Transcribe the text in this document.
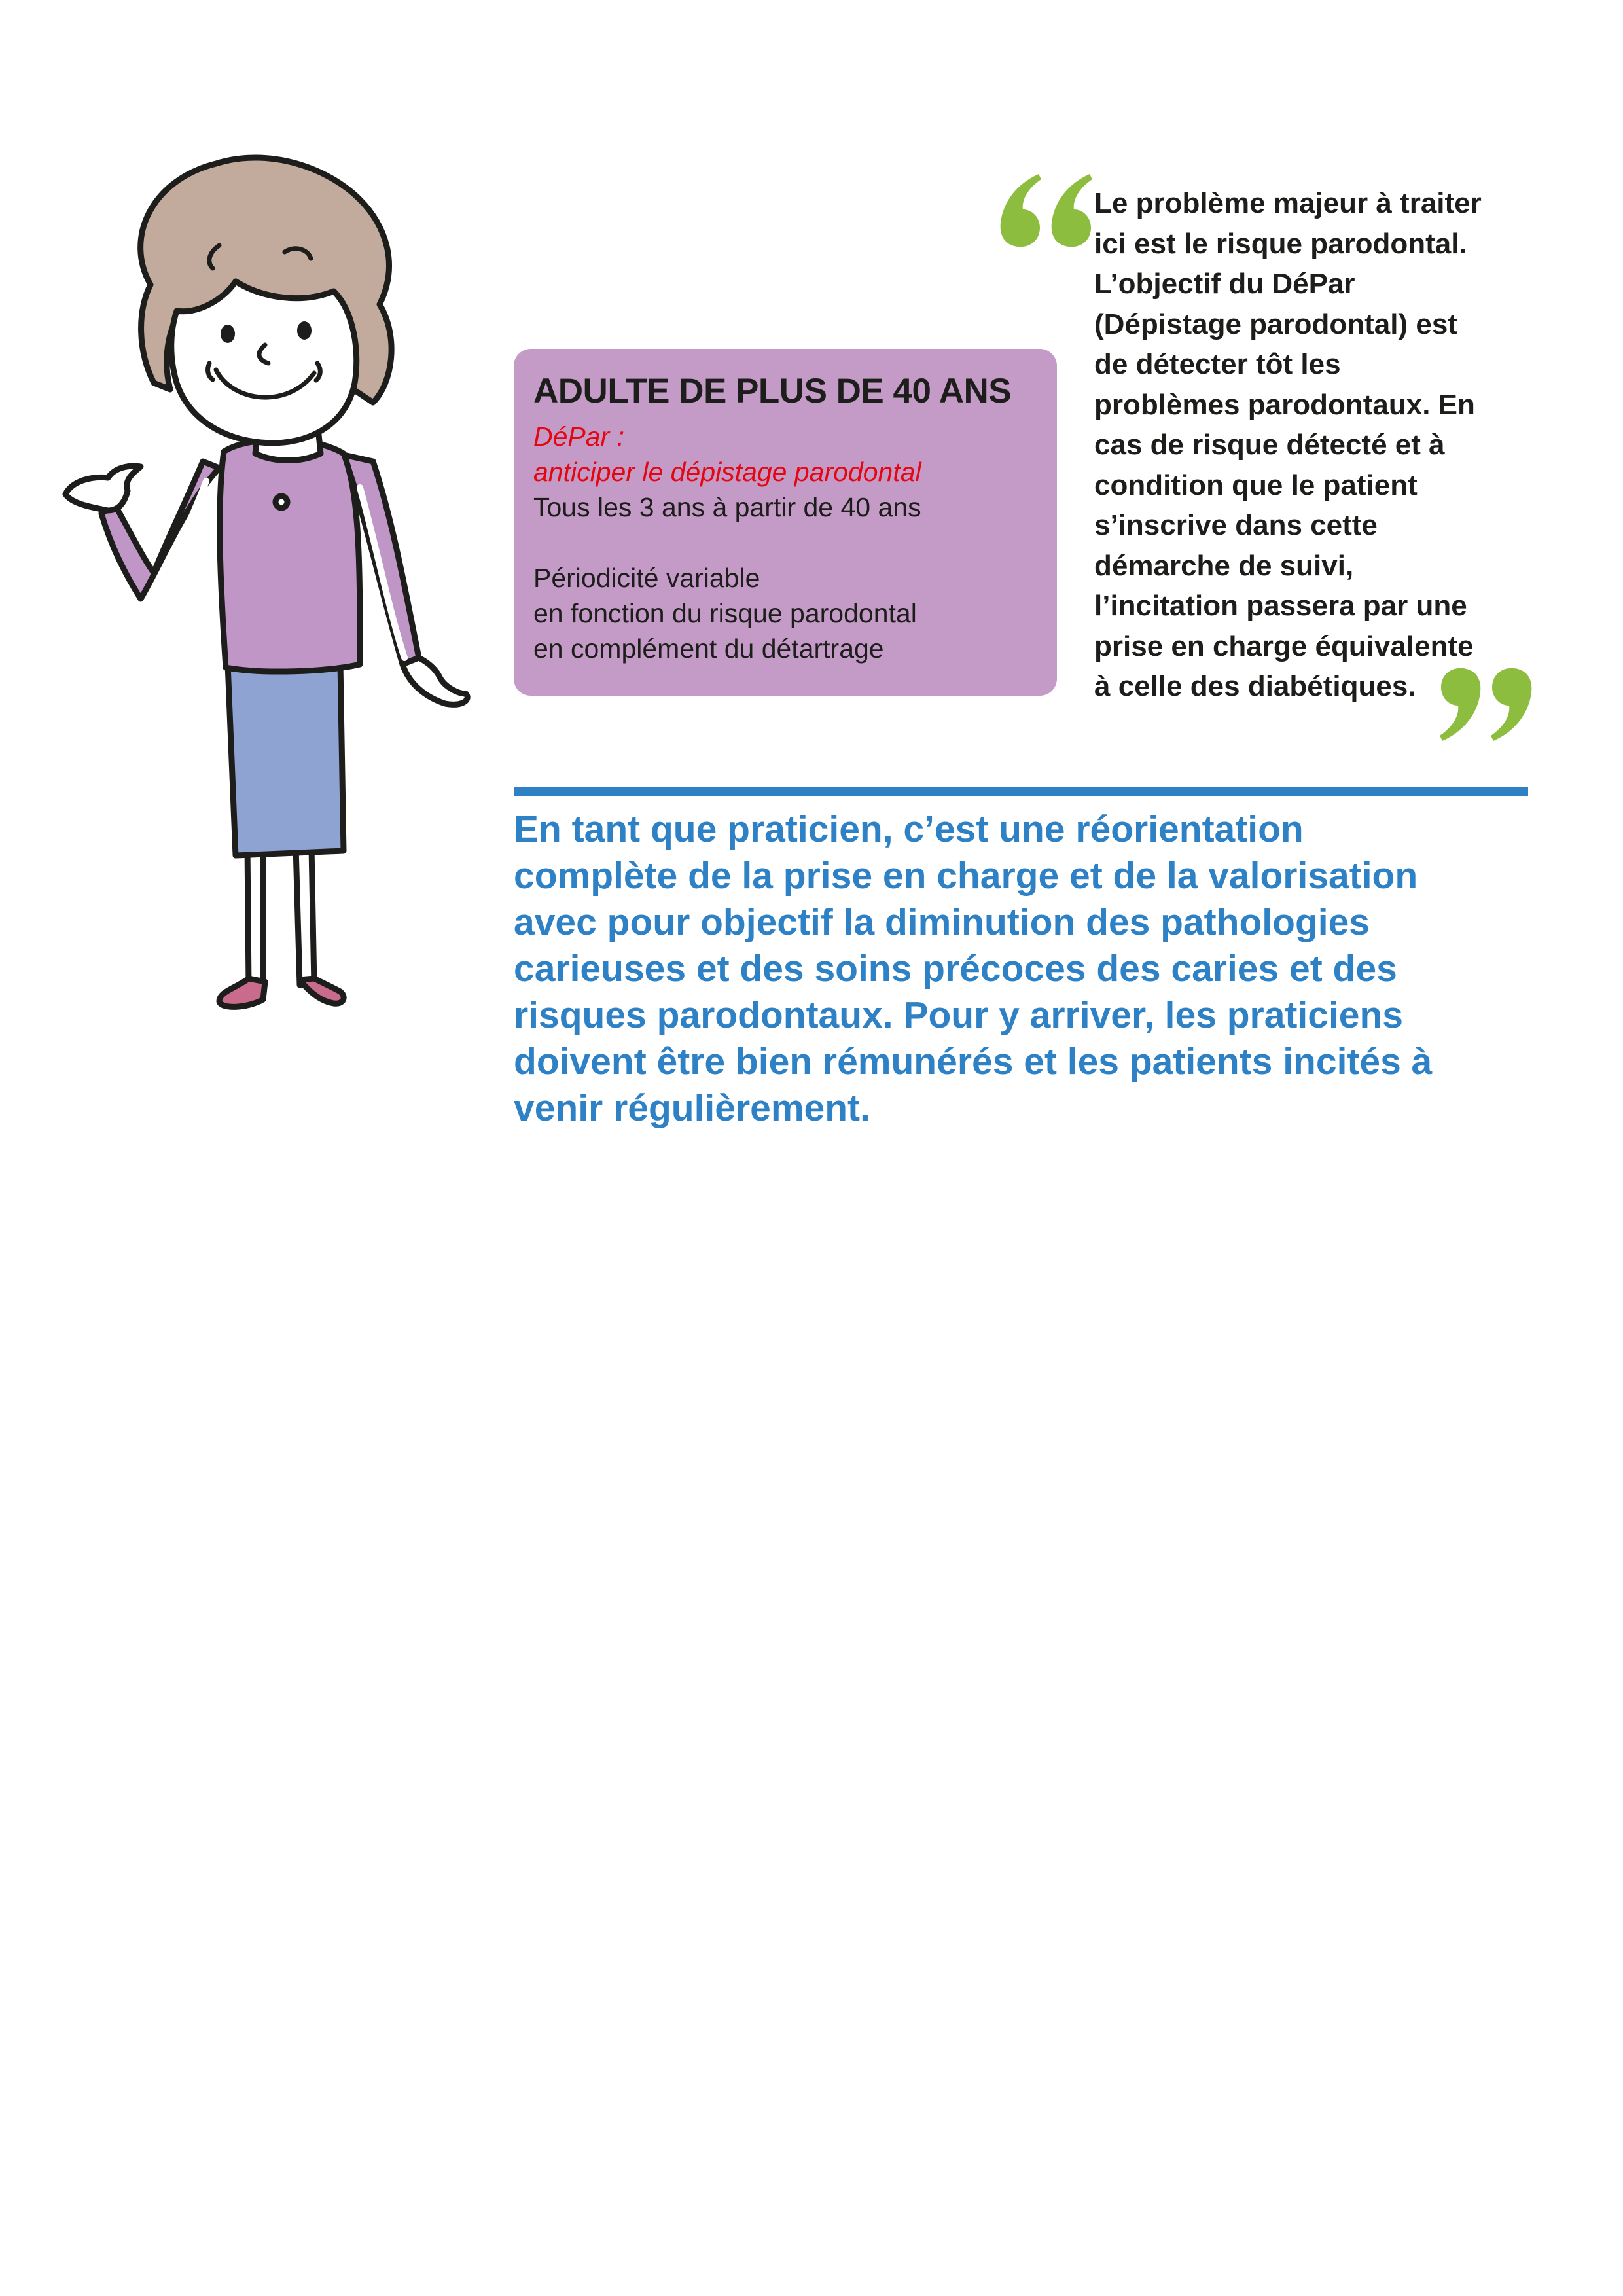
ADULTE DE PLUS DE 40 ANS
DéPar :
anticiper le dépistage parodontal
Tous les 3 ans à partir de 40 ans
Périodicité variable
en fonction du risque parodontal
en complément du détartrage
Le problème majeur à traiter
ici est le risque parodontal.
L’objectif du DéPar
(Dépistage parodontal) est
de détecter tôt les
problèmes parodontaux. En
cas de risque détecté et à
condition que le patient
s’inscrive dans cette
démarche de suivi,
l’incitation passera par une
prise en charge équivalente
à celle des diabétiques.
En tant que praticien, c’est une réorientation
complète de la prise en charge et de la valorisation
avec pour objectif la diminution des pathologies
carieuses et des soins précoces des caries et des
risques parodontaux. Pour y arriver, les praticiens
doivent être bien rémunérés et les patients incités à
venir régulièrement.
